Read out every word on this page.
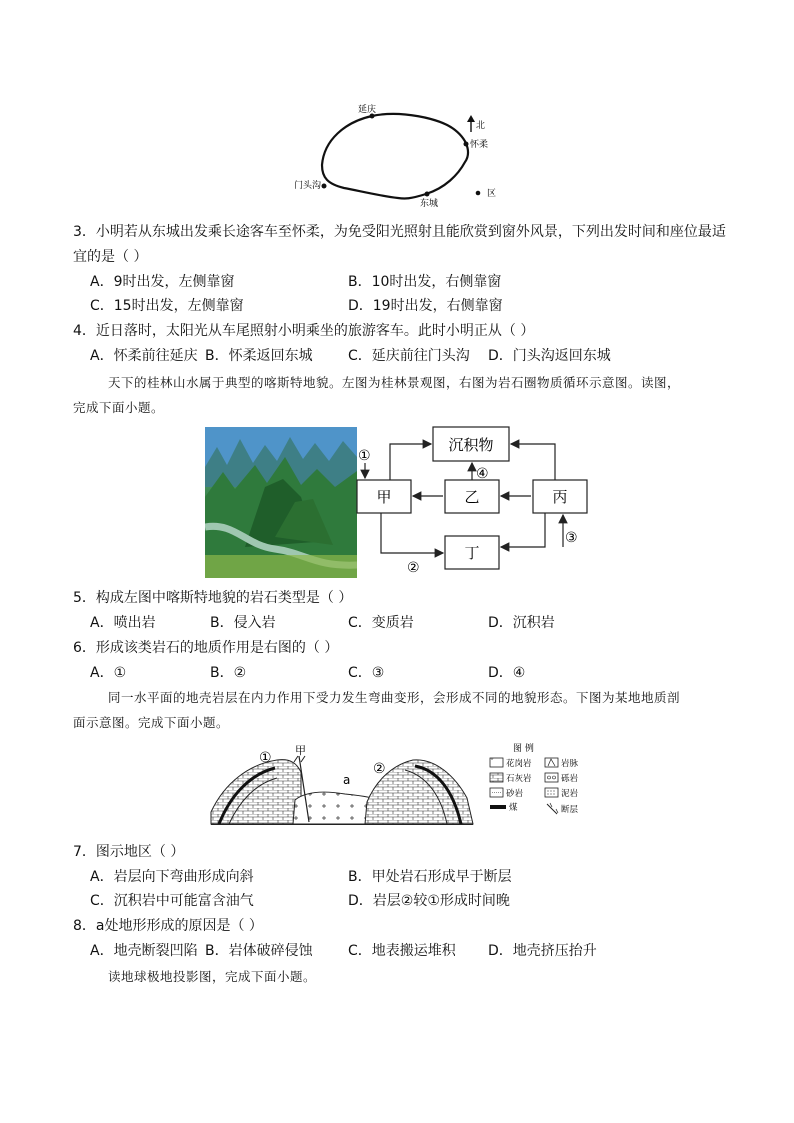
延庆
怀柔
门头沟
东城
区
北
3．小明若从东城出发乘长途客车至怀柔，为免受阳光照射且能欣赏到窗外风景，下列出发时间和座位最适
宜的是（ ）
A．9时出发，左侧靠窗	B．10时出发，右侧靠窗
C．15时出发，左侧靠窗	D．19时出发，右侧靠窗
4．近日落时，太阳光从车尾照射小明乘坐的旅游客车。此时小明正从（ ）
A．怀柔前往延庆 B．怀柔返回东城	C．延庆前往门头沟 D．门头沟返回东城
天下的桂林山水属于典型的喀斯特地貌。左图为桂林景观图，右图为岩石圈物质循环示意图。读图，
完成下面小题。
沉积物
甲	乙	丙
丁
①
④
②
③
5．构成左图中喀斯特地貌的岩石类型是（ ）
A．喷出岩	B．侵入岩	C．变质岩	D．沉积岩
6．形成该类岩石的地质作用是右图的（ ）
A．①	B．②	C．③	D．④
同一水平面的地壳岩层在内力作用下受力发生弯曲变形，会形成不同的地貌形态。下图为某地地质剖
面示意图。完成下面小题。
①
②
甲
a
图 例
花岗岩	岩脉
石灰岩	砾岩
砂岩	泥岩
煤	断层
7．图示地区（ ）
A．岩层向下弯曲形成向斜	B．甲处岩石形成早于断层
C．沉积岩中可能富含油气	D．岩层②较①形成时间晚
8．a处地形形成的原因是（ ）
A．地壳断裂凹陷 B．岩体破碎侵蚀	C．地表搬运堆积 D．地壳挤压抬升
读地球极地投影图，完成下面小题。
